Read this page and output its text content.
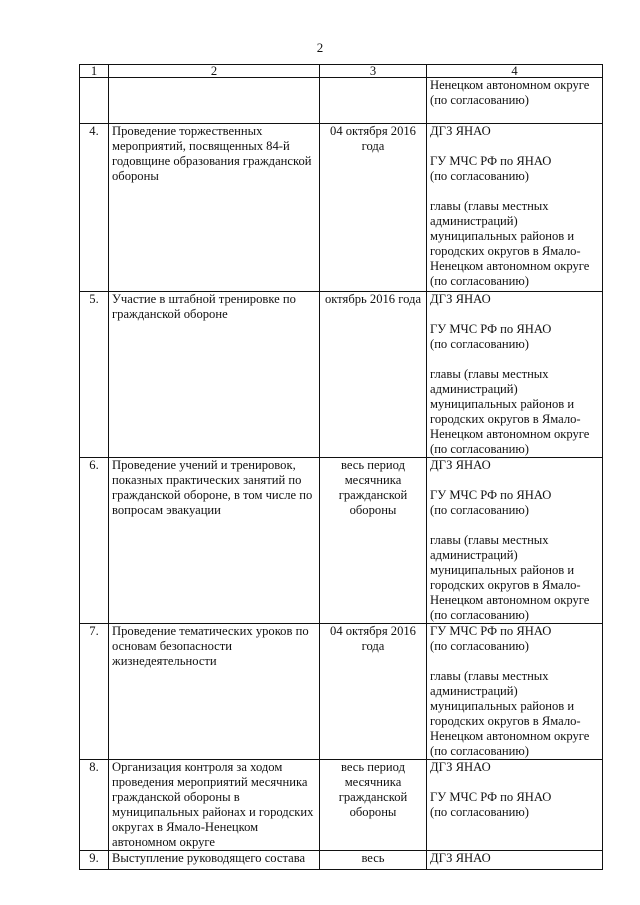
2
1	2	3	4

			Ненецком автономном округе
(по согласованию)

4.	Проведение торжественных мероприятий, посвященных 84-й годовщине образования гражданской обороны	04 октября 2016 года	ДГЗ ЯНАО
ГУ МЧС РФ по ЯНАО
(по согласованию)
главы (главы местных администраций) муниципальных районов и городских округов в Ямало-Ненецком автономном округе
(по согласованию)

5.	Участие в штабной тренировке по гражданской обороне	октябрь 2016 года	ДГЗ ЯНАО
ГУ МЧС РФ по ЯНАО
(по согласованию)
главы (главы местных администраций) муниципальных районов и городских округов в Ямало-Ненецком автономном округе
(по согласованию)

6.	Проведение учений и тренировок, показных практических занятий по гражданской обороне, в том числе по вопросам эвакуации	весь период месячника гражданской обороны	ДГЗ ЯНАО
ГУ МЧС РФ по ЯНАО
(по согласованию)
главы (главы местных администраций) муниципальных районов и городских округов в Ямало-Ненецком автономном округе
(по согласованию)

7.	Проведение тематических уроков по основам безопасности жизнедеятельности	04 октября 2016 года	ГУ МЧС РФ по ЯНАО
(по согласованию)
главы (главы местных администраций) муниципальных районов и городских округов в Ямало-Ненецком автономном округе
(по согласованию)

8.	Организация контроля за ходом проведения мероприятий месячника гражданской обороны в муниципальных районах и городских округах в Ямало-Ненецком автономном округе	весь период месячника гражданской обороны	ДГЗ ЯНАО
ГУ МЧС РФ по ЯНАО
(по согласованию)

9.	Выступление руководящего состава	весь	ДГЗ ЯНАО
